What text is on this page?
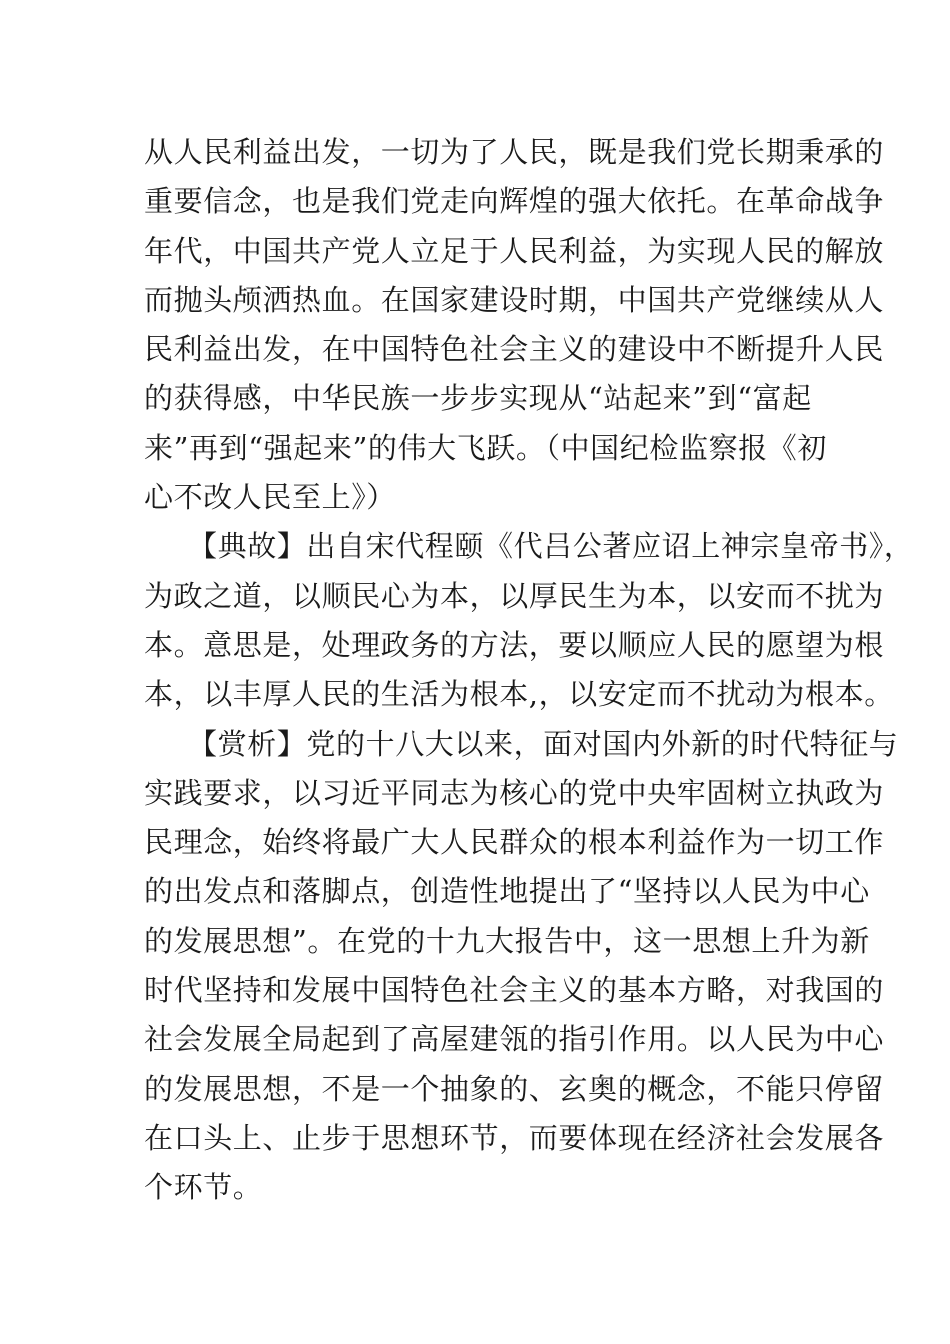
从人民利益出发，一切为了人民，既是我们党长期秉承的
重要信念，也是我们党走向辉煌的强大依托。在革命战争
年代，中国共产党人立足于人民利益，为实现人民的解放
而抛头颅洒热血。在国家建设时期，中国共产党继续从人
民利益出发，在中国特色社会主义的建设中不断提升人民
的获得感，中华民族一步步实现从“站起来”到“富起
来”再到“强起来”的伟大飞跃。（中国纪检监察报《初
心不改人民至上》）
【典故】出自宋代程颐《代吕公著应诏上神宗皇帝书》，
为政之道，以顺民心为本，以厚民生为本，以安而不扰为
本。意思是，处理政务的方法，要以顺应人民的愿望为根
本，以丰厚人民的生活为根本,，以安定而不扰动为根本。
【赏析】党的十八大以来，面对国内外新的时代特征与
实践要求，以习近平同志为核心的党中央牢固树立执政为
民理念，始终将最广大人民群众的根本利益作为一切工作
的出发点和落脚点，创造性地提出了“坚持以人民为中心
的发展思想”。在党的十九大报告中，这一思想上升为新
时代坚持和发展中国特色社会主义的基本方略，对我国的
社会发展全局起到了高屋建瓴的指引作用。以人民为中心
的发展思想，不是一个抽象的、玄奥的概念，不能只停留
在口头上、止步于思想环节，而要体现在经济社会发展各
个环节。
